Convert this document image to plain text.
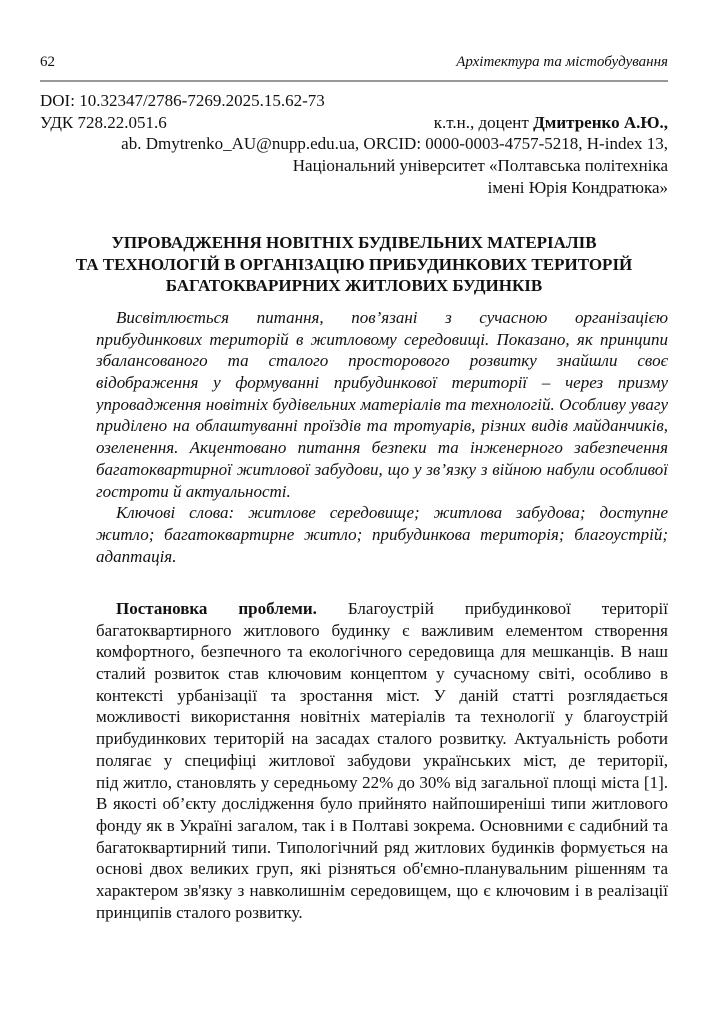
62	Архітектура та містобудування
DOI: 10.32347/2786-7269.2025.15.62-73
УДК 728.22.051.6	к.т.н., доцент Дмитренко А.Ю.,
ab. Dmytrenko_AU@nupp.edu.ua, ORCID: 0000-0003-4757-5218, H-index 13,
Національний університет «Полтавська політехніка
імені Юрія Кондратюка»
УПРОВАДЖЕННЯ НОВІТНІХ БУДІВЕЛЬНИХ МАТЕРІАЛІВ
ТА ТЕХНОЛОГІЙ В ОРГАНІЗАЦІЮ ПРИБУДИНКОВИХ ТЕРИТОРІЙ
БАГАТОКВАРИРНИХ ЖИТЛОВИХ БУДИНКІВ
Висвітлюється питання, пов’язані з сучасною організацією
прибудинкових територій в житловому середовищі. Показано, як принципи
збалансованого та сталого просторового розвитку знайшли своє
відображення у формуванні прибудинкової території – через призму
упровадження новітніх будівельних матеріалів та технологій. Особливу увагу
приділено на облаштуванні проїздів та тротуарів, різних видів майданчиків,
озеленення. Акцентовано питання безпеки та інженерного забезпечення
багатоквартирної житлової забудови, що у зв’язку з війною набули особливої
гостроти й актуальності.
Ключові слова: житлове середовище; житлова забудова; доступне
житло; багатоквартирне житло; прибудинкова територія; благоустрій;
адаптація.
Постановка проблеми. Благоустрій прибудинкової території
багатоквартирного житлового будинку є важливим елементом створення
комфортного, безпечного та екологічного середовища для мешканців. В наш
сталий розвиток став ключовим концептом у сучасному світі, особливо в
контексті урбанізації та зростання міст. У даній статті розглядається
можливості використання новітніх матеріалів та технології у благоустрій
прибудинкових територій на засадах сталого розвитку. Актуальність роботи
полягає у специфіці житлової забудови українських міст, де території,
під житло, становлять у середньому 22% до 30% від загальної площі міста [1].
В якості об’єкту дослідження було прийнято найпоширеніші типи житлового
фонду як в Україні загалом, так і в Полтаві зокрема. Основними є садибний та
багатоквартирний типи. Типологічний ряд житлових будинків формується на
основі двох великих груп, які різняться об'ємно-планувальним рішенням та
характером зв'язку з навколишнім середовищем, що є ключовим і в реалізації
принципів сталого розвитку.
